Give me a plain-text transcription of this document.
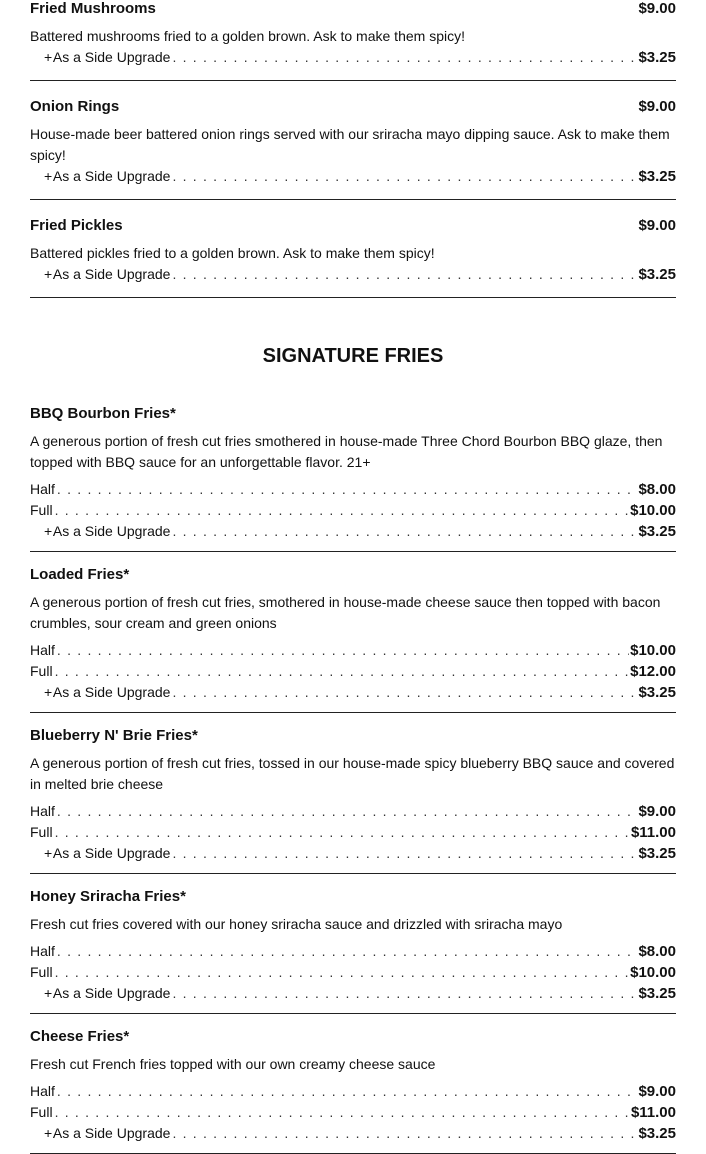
Fried Mushrooms	$9.00

Battered mushrooms fried to a golden brown. Ask to make them spicy!

+ As a Side Upgrade . . .	$3.25
Onion Rings	$9.00

House-made beer battered onion rings served with our sriracha mayo dipping sauce. Ask to make them spicy!

+ As a Side Upgrade . . .	$3.25
Fried Pickles	$9.00

Battered pickles fried to a golden brown. Ask to make them spicy!

+ As a Side Upgrade . . .	$3.25
SIGNATURE FRIES
BBQ Bourbon Fries*

A generous portion of fresh cut fries smothered in house-made Three Chord Bourbon BBQ glaze, then topped with BBQ sauce for an unforgettable flavor. 21+

Half . . .	$8.00
Full . . .	$10.00
+ As a Side Upgrade . . .	$3.25
Loaded Fries*

A generous portion of fresh cut fries, smothered in house-made cheese sauce then topped with bacon crumbles, sour cream and green onions

Half . . .	$10.00
Full . . .	$12.00
+ As a Side Upgrade . . .	$3.25
Blueberry N' Brie Fries*

A generous portion of fresh cut fries, tossed in our house-made spicy blueberry BBQ sauce and covered in melted brie cheese

Half . . .	$9.00
Full . . .	$11.00
+ As a Side Upgrade . . .	$3.25
Honey Sriracha Fries*

Fresh cut fries covered with our honey sriracha sauce and drizzled with sriracha mayo

Half . . .	$8.00
Full . . .	$10.00
+ As a Side Upgrade . . .	$3.25
Cheese Fries*

Fresh cut French fries topped with our own creamy cheese sauce

Half . . .	$9.00
Full . . .	$11.00
+ As a Side Upgrade . . .	$3.25
